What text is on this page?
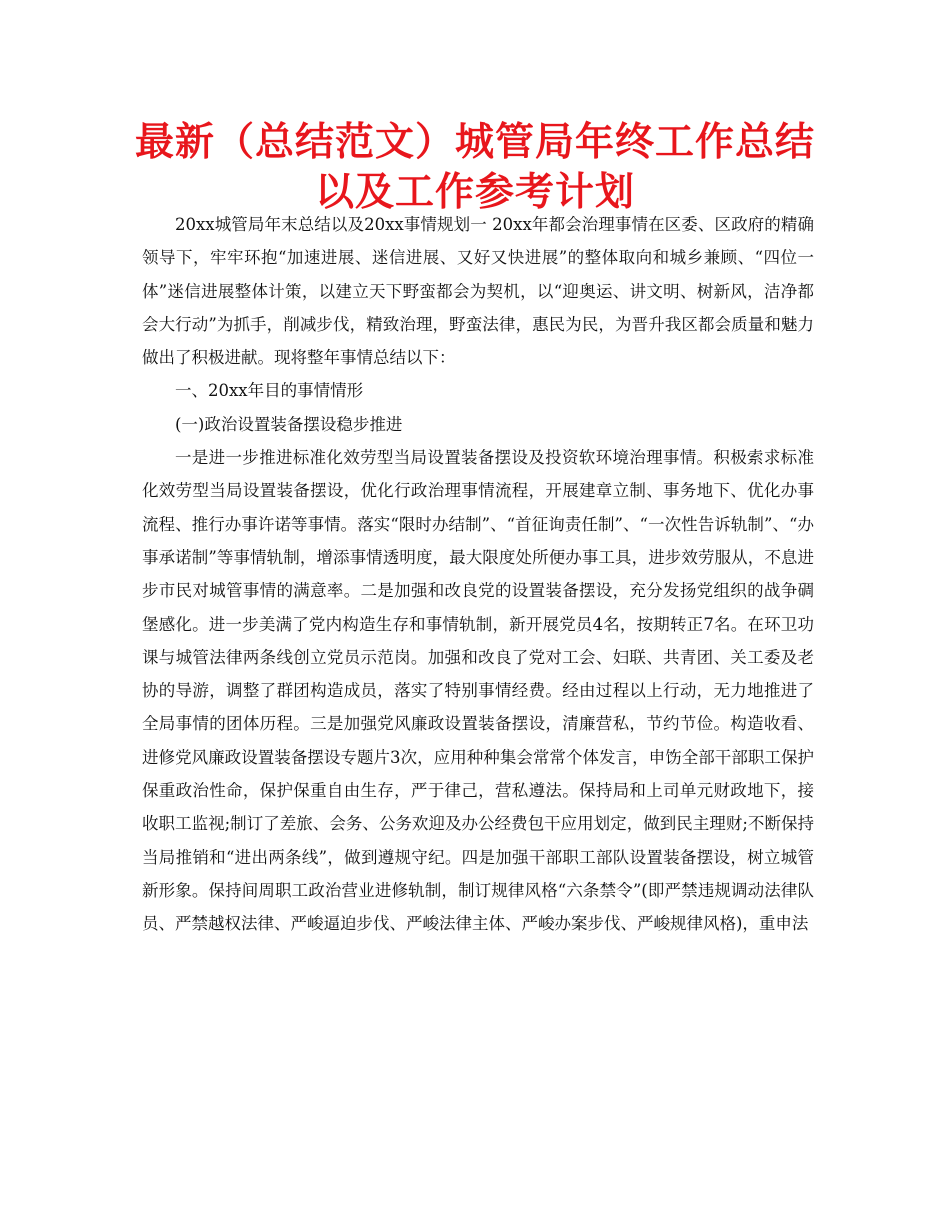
最新（总结范文）城管局年终工作总结以及工作参考计划

20xx城管局年末总结以及20xx事情规划一 20xx年都会治理事情在区委、区政府的精确领导下，牢牢环抱“加速进展、迷信进展、又好又快进展”的整体取向和城乡兼顾、“四位一体”迷信进展整体计策，以建立天下野蛮都会为契机，以“迎奥运、讲文明、树新风，洁净都会大行动”为抓手，削减步伐，精致治理，野蛮法律，惠民为民，为晋升我区都会质量和魅力做出了积极进献。现将整年事情总结以下：

一、20xx年目的事情情形

(一)政治设置装备摆设稳步推进

一是进一步推进标准化效劳型当局设置装备摆设及投资软环境治理事情。积极索求标准化效劳型当局设置装备摆设，优化行政治理事情流程，开展建章立制、事务地下、优化办事流程、推行办事许诺等事情。落实“限时办结制”、“首征询责任制”、“一次性告诉轨制”、“办事承诺制”等事情轨制，增添事情透明度，最大限度处所便办事工具，进步效劳服从，不息进步市民对城管事情的满意率。二是加强和改良党的设置装备摆设，充分发扬党组织的战争碉堡感化。进一步美满了党内构造生存和事情轨制，新开展党员4名，按期转正7名。在环卫功课与城管法律两条线创立党员示范岗。加强和改良了党对工会、妇联、共青团、关工委及老协的导游，调整了群团构造成员，落实了特别事情经费。经由过程以上行动，无力地推进了全局事情的团体历程。三是加强党风廉政设置装备摆设，清廉营私，节约节俭。构造收看、进修党风廉政设置装备摆设专题片3次，应用种种集会常常个体发言，申饬全部干部职工保护保重政治性命，保护保重自由生存，严于律己，营私遵法。保持局和上司单元财政地下，接收职工监视;制订了差旅、会务、公务欢迎及办公经费包干应用划定，做到民主理财;不断保持当局推销和“进出两条线”，做到遵规守纪。四是加强干部职工部队设置装备摆设，树立城管新形象。保持间周职工政治营业进修轨制，制订规律风格“六条禁令”(即严禁违规调动法律队员、严禁越权法律、严峻逼迫步伐、严峻法律主体、严峻办案步伐、严峻规律风格)，重申法
